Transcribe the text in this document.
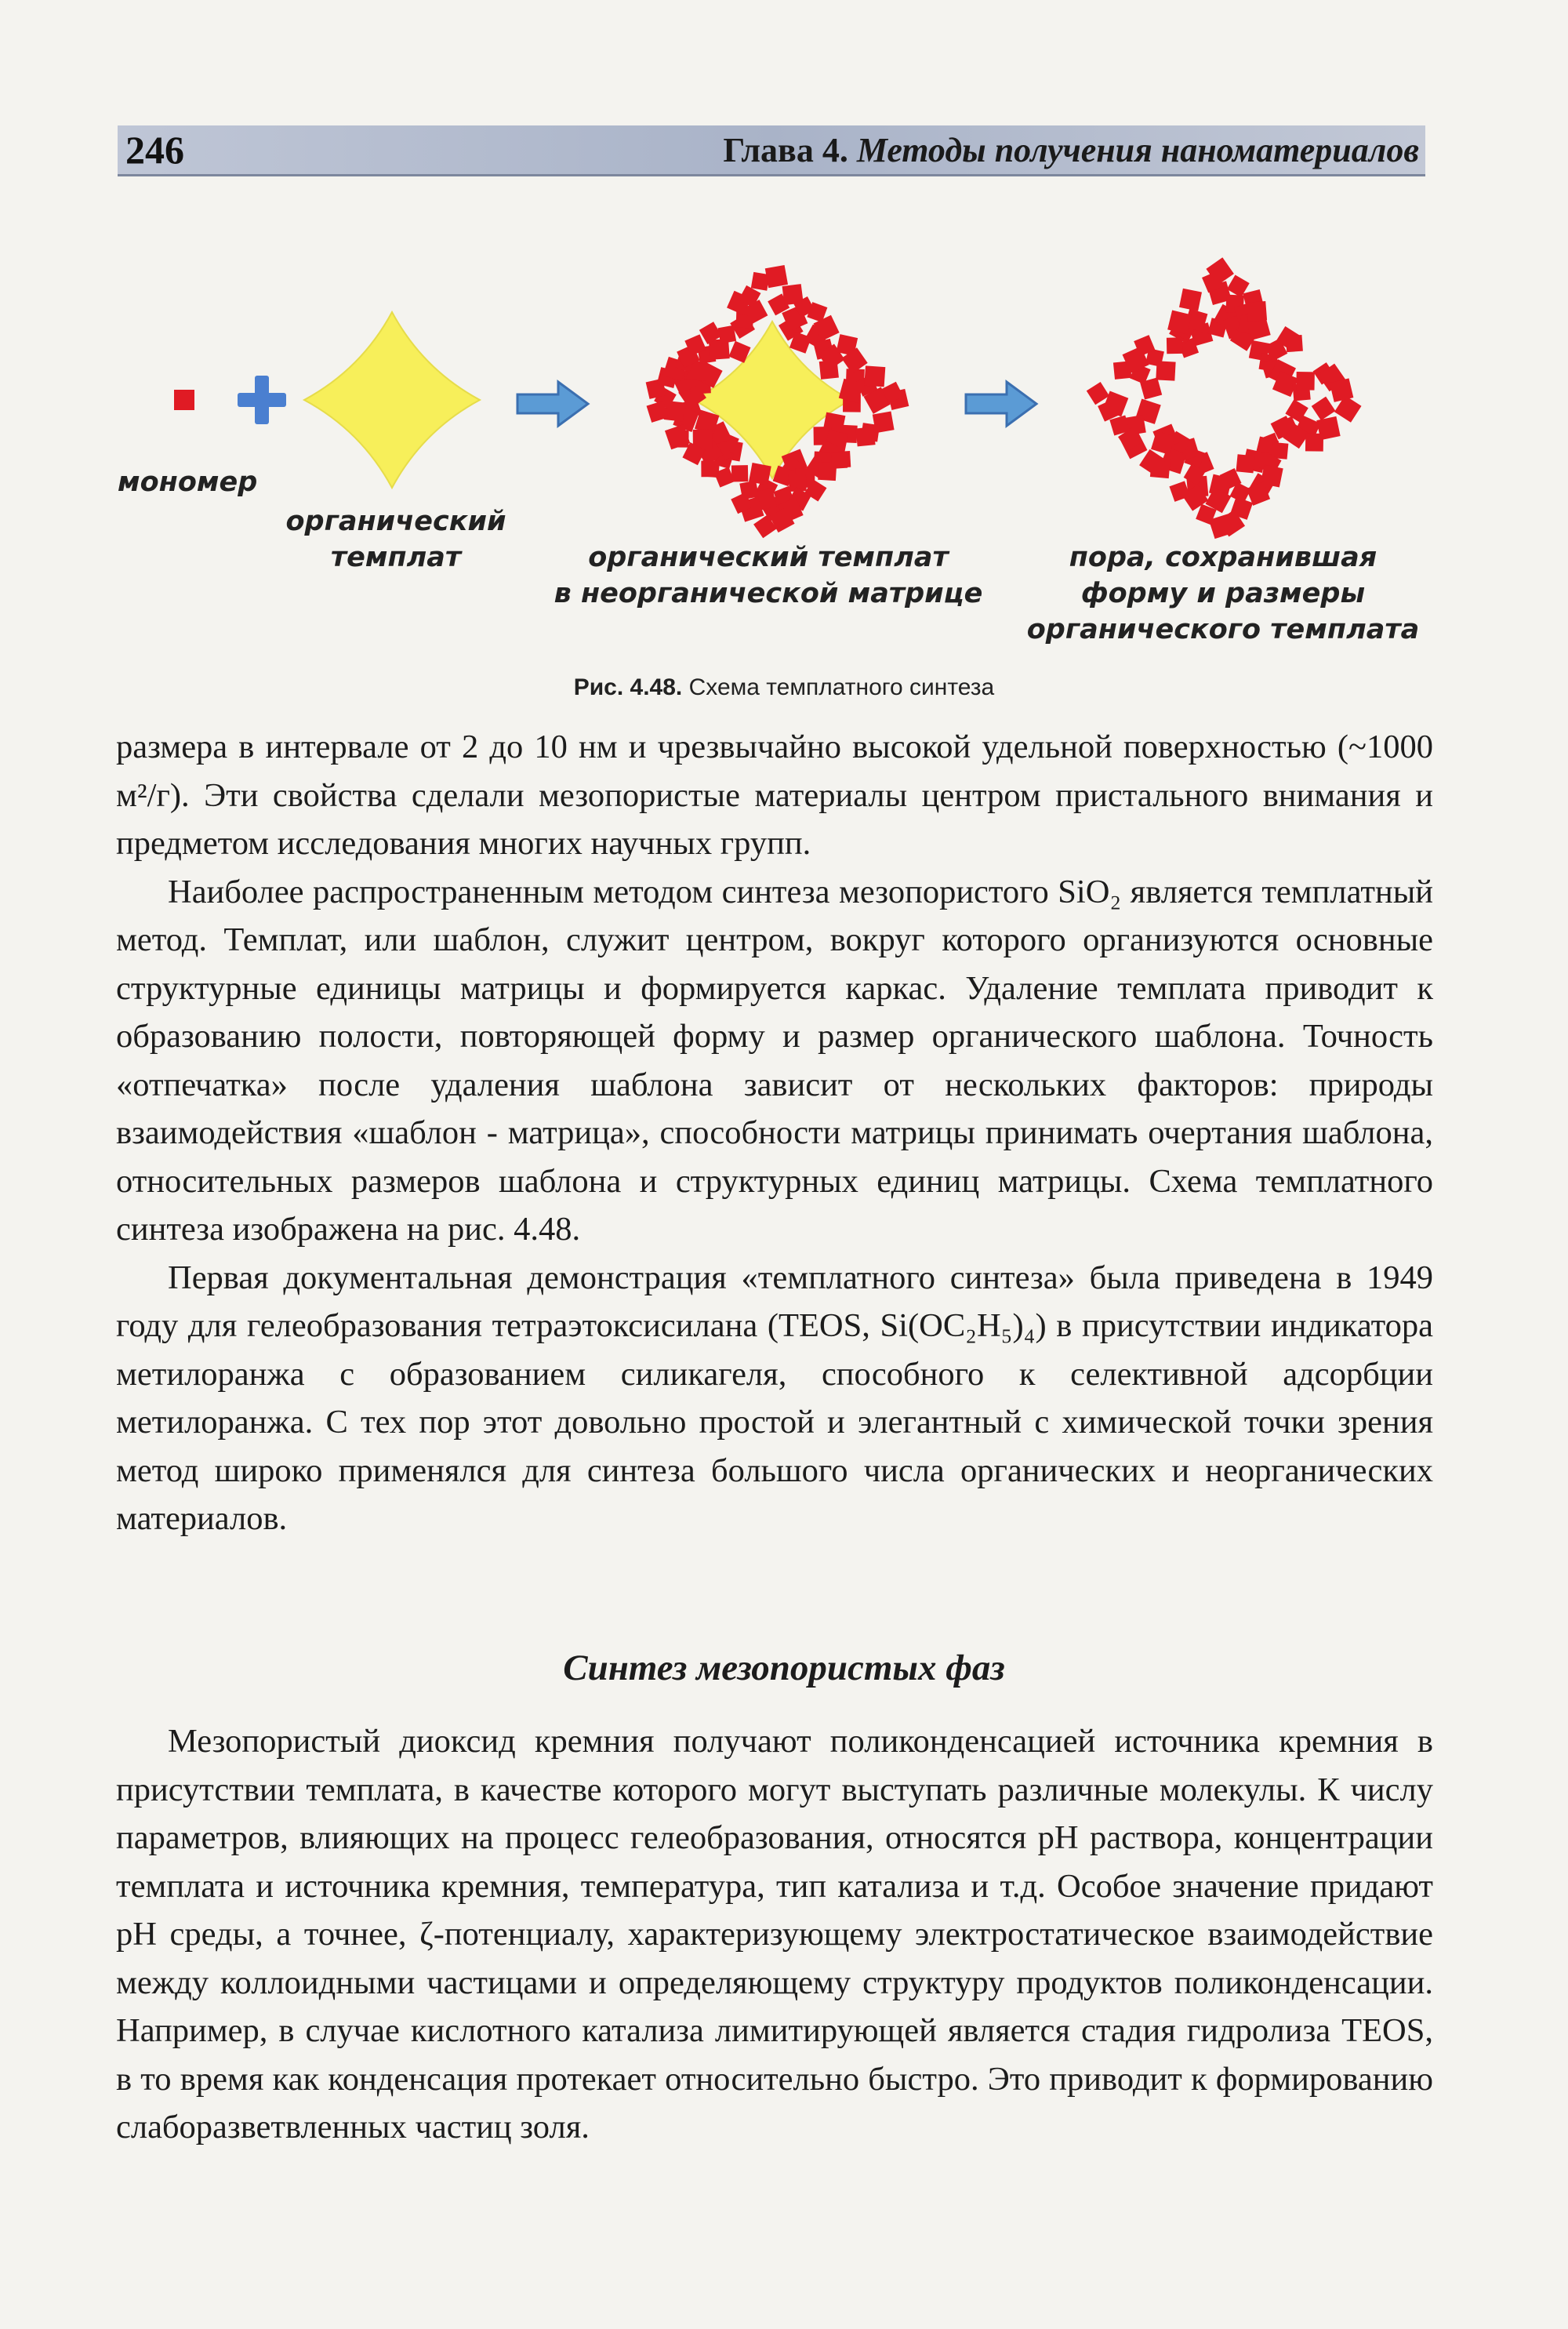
246	Глава 4. Методы получения наноматериалов
мономер
органический
темплат	органический темплат
в неорганической матрице
пора, сохранившая
форму и размеры
органического темплата
Рис. 4.48. Схема темплатного синтеза

размера в интервале от 2 до 10 нм и чрезвычайно высокой удельной поверхностью (~1000 м²/г). Эти свойства сделали мезопористые материалы центром пристального внимания и предметом исследования многих научных групп.

Наиболее распространенным методом синтеза мезопористого SiO₂ является темплатный метод. Темплат, или шаблон, служит центром, вокруг которого организуются основные структурные единицы матрицы и формируется каркас. Удаление темплата приводит к образованию полости, повторяющей форму и размер органического шаблона. Точность «отпечатка» после удаления шаблона зависит от нескольких факторов: природы взаимодействия «шаблон - матрица», способности матрицы принимать очертания шаблона, относительных размеров шаблона и структурных единиц матрицы. Схема темплатного синтеза изображена на рис. 4.48.

Первая документальная демонстрация «темплатного синтеза» была приведена в 1949 году для гелеобразования тетраэтоксисилана (TEOS, Si(OC₂H₅)₄) в присутствии индикатора метилоранжа с образованием силикагеля, способного к селективной адсорбции метилоранжа. С тех пор этот довольно простой и элегантный с химической точки зрения метод широко применялся для синтеза большого числа органических и неорганических материалов.

Синтез мезопористых фаз

Мезопористый диоксид кремния получают поликонденсацией источника кремния в присутствии темплата, в качестве которого могут выступать различные молекулы. К числу параметров, влияющих на процесс гелеобразования, относятся pH раствора, концентрации темплата и источника кремния, температура, тип катализа и т.д. Особое значение придают pH среды, а точнее, ζ-потенциалу, характеризующему электростатическое взаимодействие между коллоидными частицами и определяющему структуру продуктов поликонденсации. Например, в случае кислотного катализа лимитирующей является стадия гидролиза TEOS, в то время как конденсация протекает относительно быстро. Это приводит к формированию слаборазветвленных частиц золя.
